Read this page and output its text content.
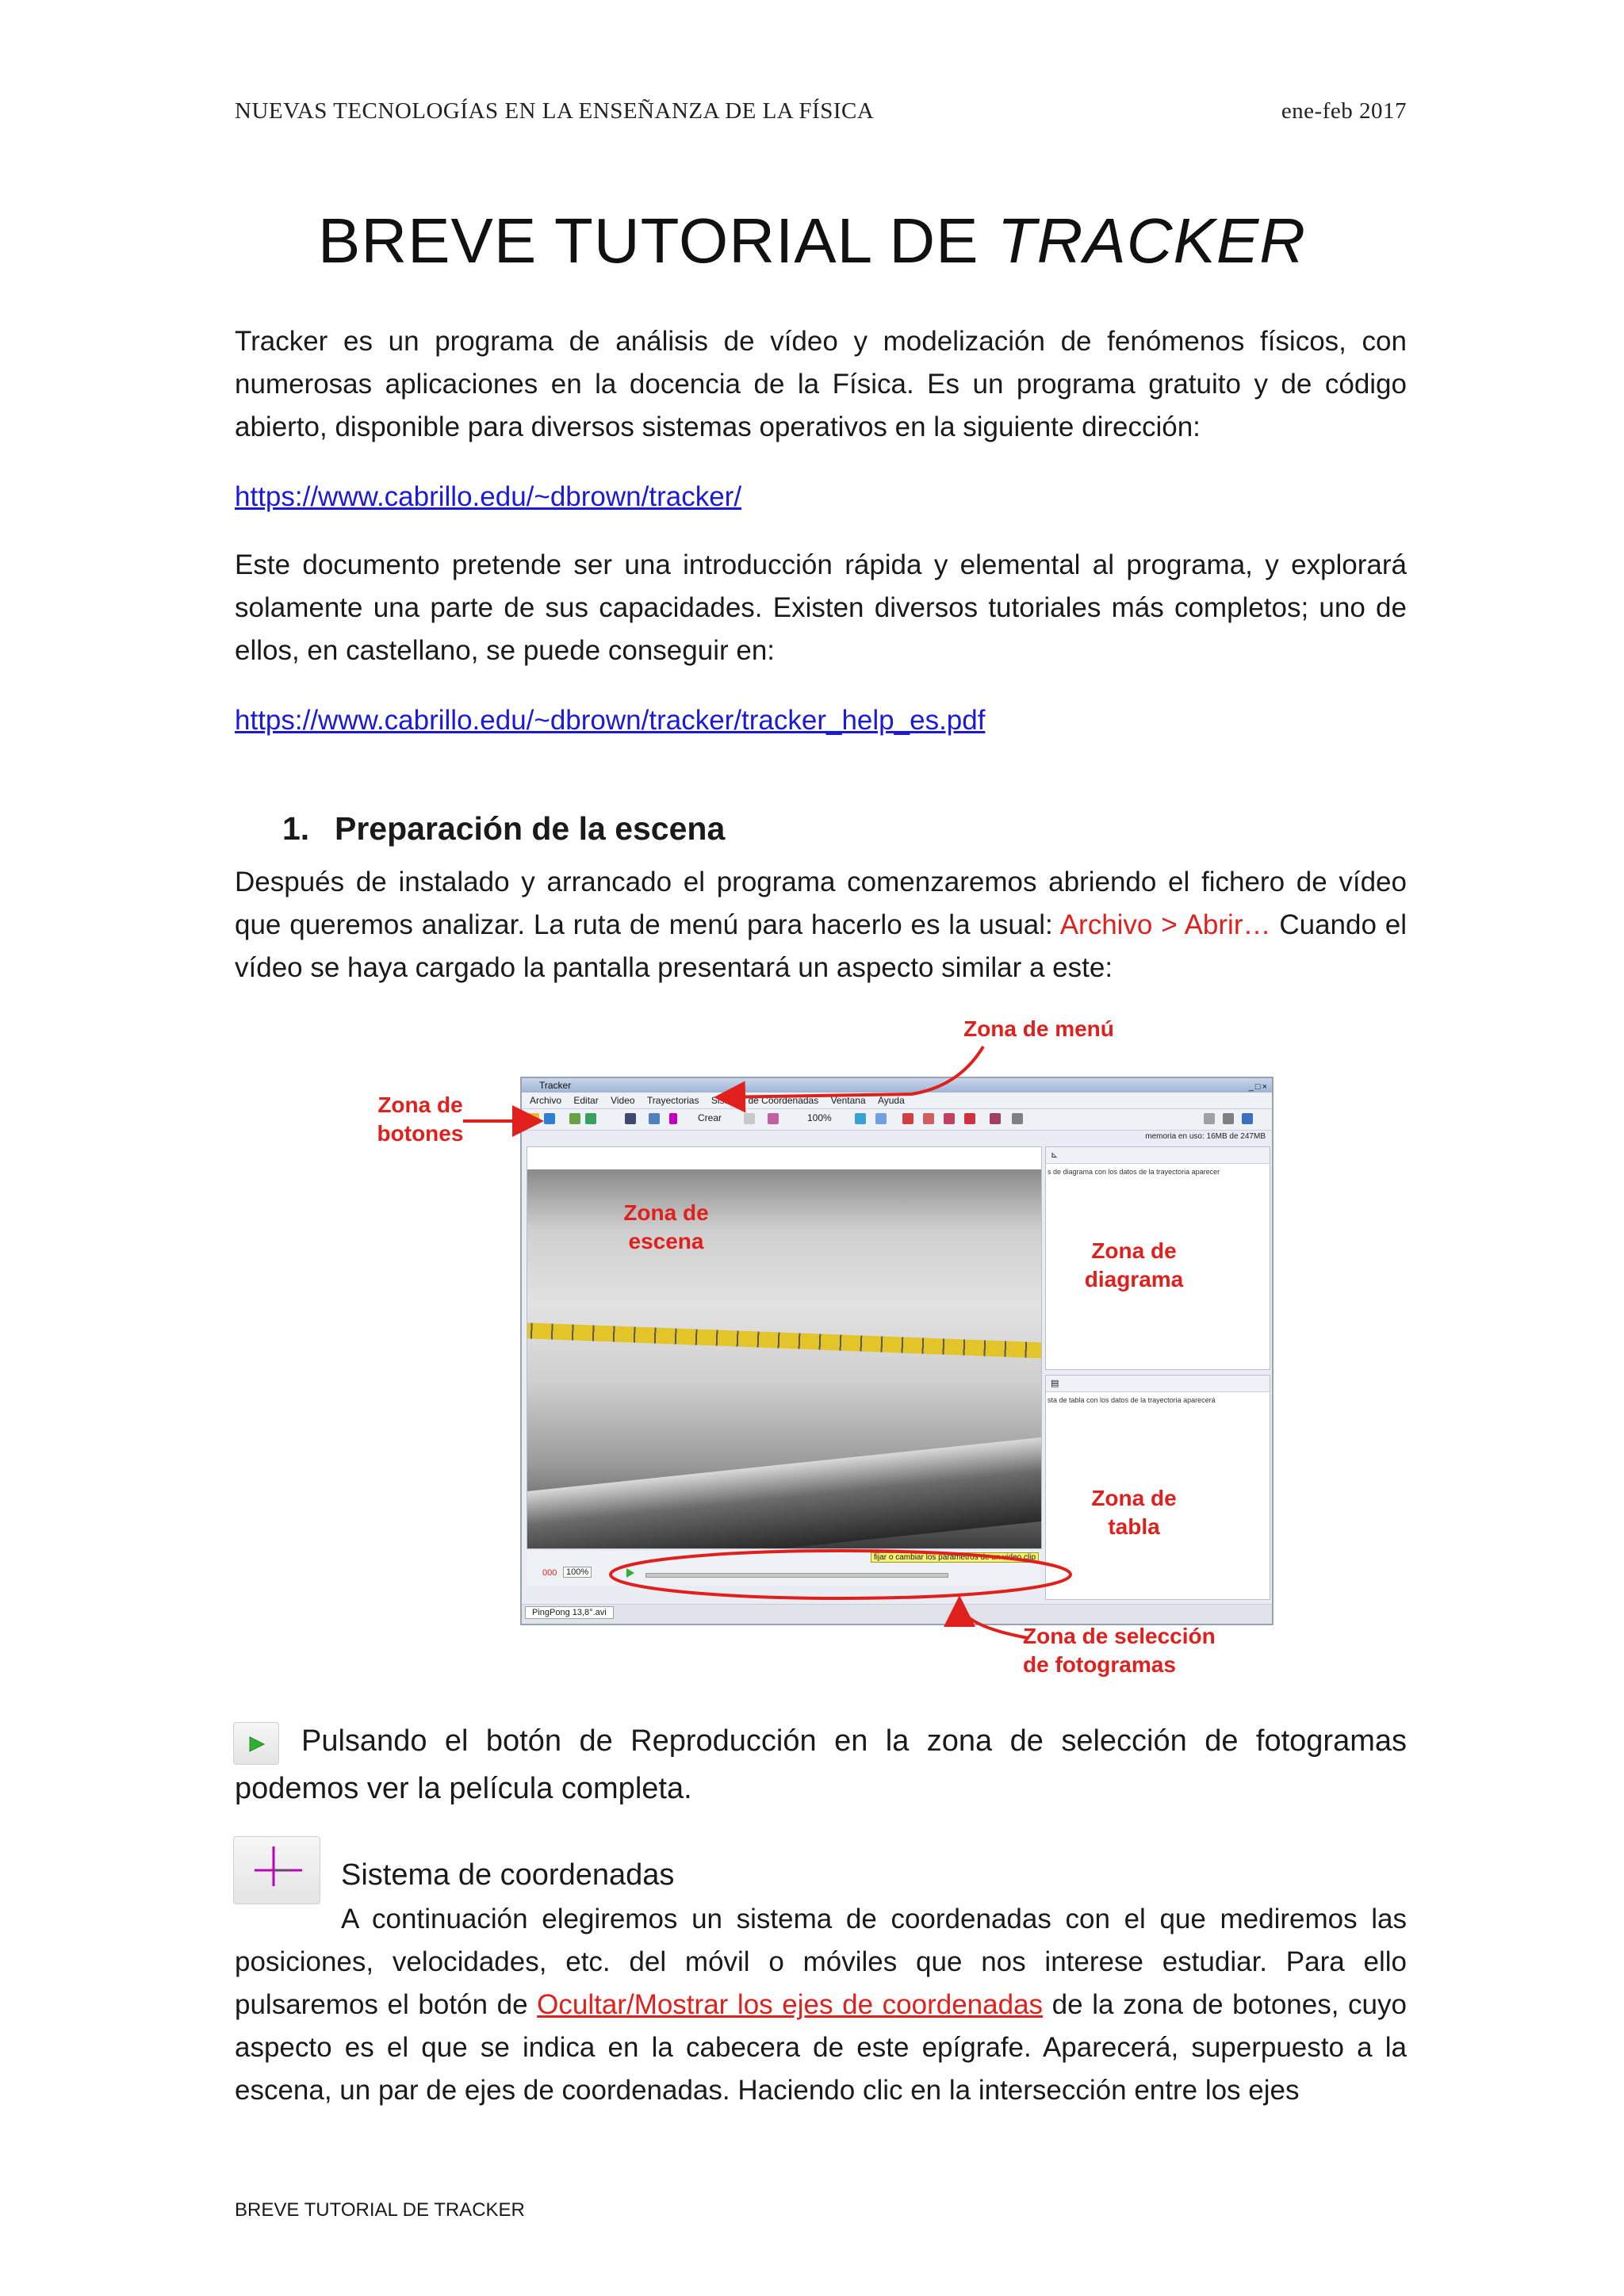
NUEVAS TECNOLOGÍAS EN LA ENSEÑANZA DE LA FÍSICA	ene-feb 2017
BREVE TUTORIAL DE TRACKER

Tracker es un programa de análisis de vídeo y modelización de fenómenos físicos, con numerosas aplicaciones en la docencia de la Física. Es un programa gratuito y de código abierto, disponible para diversos sistemas operativos en la siguiente dirección:

https://www.cabrillo.edu/~dbrown/tracker/

Este documento pretende ser una introducción rápida y elemental al programa, y explorará solamente una parte de sus capacidades. Existen diversos tutoriales más completos; uno de ellos, en castellano, se puede conseguir en:

https://www.cabrillo.edu/~dbrown/tracker/tracker_help_es.pdf
1. Preparación de la escena

Después de instalado y arrancado el programa comenzaremos abriendo el fichero de vídeo que queremos analizar. La ruta de menú para hacerlo es la usual: Archivo > Abrir… Cuando el vídeo se haya cargado la pantalla presentará un aspecto similar a este:

Tracker	_□×
Archivo Editar Video Trayectorias Sistema de Coordenadas Ventana Ayuda
Crear	100%
memoria en uso: 16MB de 247MB
⊾
s de diagrama con los datos de la trayectoria aparecer
▤
sta de tabla con los datos de la trayectoria aparecerá
000	100%
fijar o cambiar los parámetros de un video clip
PingPong 13,8°.avi
Zona de menú
Zona de
botones
Zona de
escena	Zona de
diagrama
Zona de
tabla
Zona de selección
de fotogramas

Pulsando el botón de Reproducción en la zona de selección de fotogramas podemos ver la película completa.

Sistema de coordenadas

A continuación elegiremos un sistema de coordenadas con el que mediremos las posiciones, velocidades, etc. del móvil o móviles que nos interese estudiar. Para ello pulsaremos el botón de Ocultar/Mostrar los ejes de coordenadas de la zona de botones, cuyo aspecto es el que se indica en la cabecera de este epígrafe. Aparecerá, superpuesto a la escena, un par de ejes de coordenadas. Haciendo clic en la intersección entre los ejes

BREVE TUTORIAL DE TRACKER
